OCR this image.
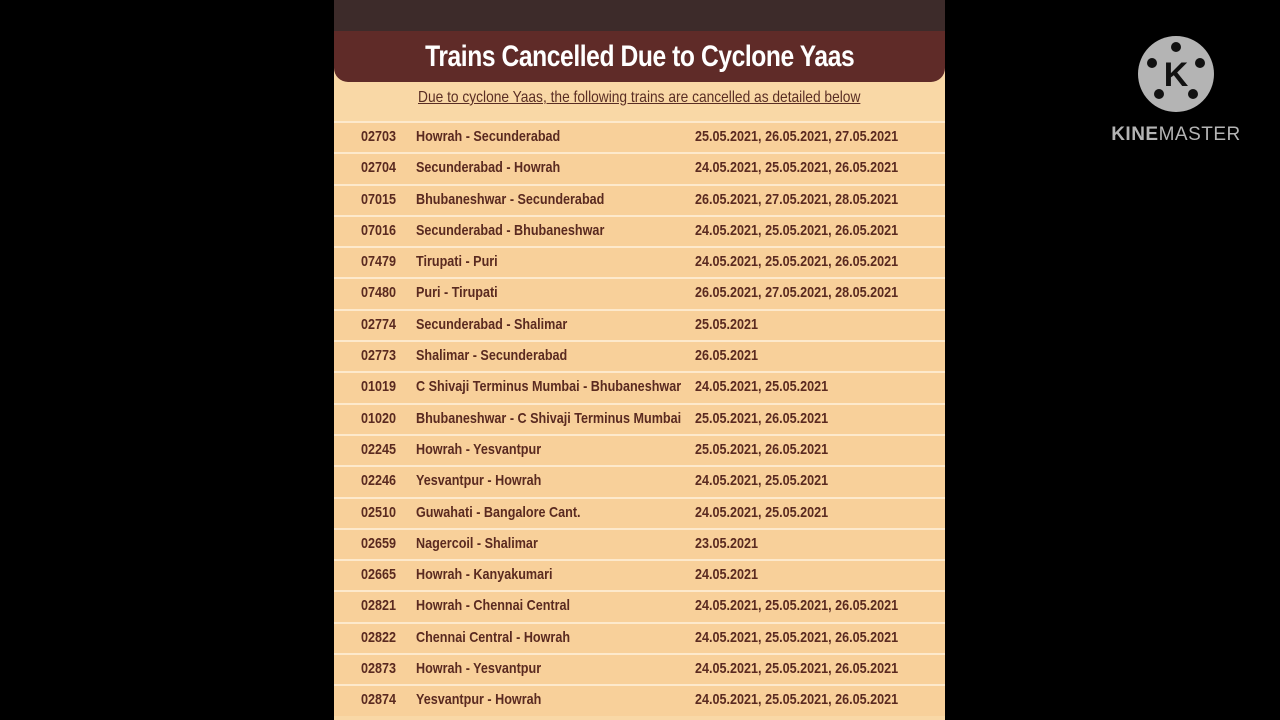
Trains Cancelled Due to Cyclone Yaas
Due to cyclone Yaas, the following trains are cancelled as detailed below
02703 Howrah - Secunderabad	25.05.2021, 26.05.2021, 27.05.2021
02704 Secunderabad - Howrah	24.05.2021, 25.05.2021, 26.05.2021
07015 Bhubaneshwar - Secunderabad	26.05.2021, 27.05.2021, 28.05.2021
07016 Secunderabad - Bhubaneshwar	24.05.2021, 25.05.2021, 26.05.2021
07479 Tirupati - Puri	24.05.2021, 25.05.2021, 26.05.2021
07480 Puri - Tirupati	26.05.2021, 27.05.2021, 28.05.2021
02774 Secunderabad - Shalimar	25.05.2021
02773 Shalimar - Secunderabad	26.05.2021
01019 C Shivaji Terminus Mumbai - Bhubaneshwar 24.05.2021, 25.05.2021
01020 Bhubaneshwar - C Shivaji Terminus Mumbai 25.05.2021, 26.05.2021
02245 Howrah - Yesvantpur	25.05.2021, 26.05.2021
02246 Yesvantpur - Howrah	24.05.2021, 25.05.2021
02510 Guwahati - Bangalore Cant.	24.05.2021, 25.05.2021
02659 Nagercoil - Shalimar	23.05.2021
02665 Howrah - Kanyakumari	24.05.2021
02821 Howrah - Chennai Central	24.05.2021, 25.05.2021, 26.05.2021
02822 Chennai Central - Howrah	24.05.2021, 25.05.2021, 26.05.2021
02873 Howrah - Yesvantpur	24.05.2021, 25.05.2021, 26.05.2021
02874 Yesvantpur - Howrah	24.05.2021, 25.05.2021, 26.05.2021
K
KINEMASTER
